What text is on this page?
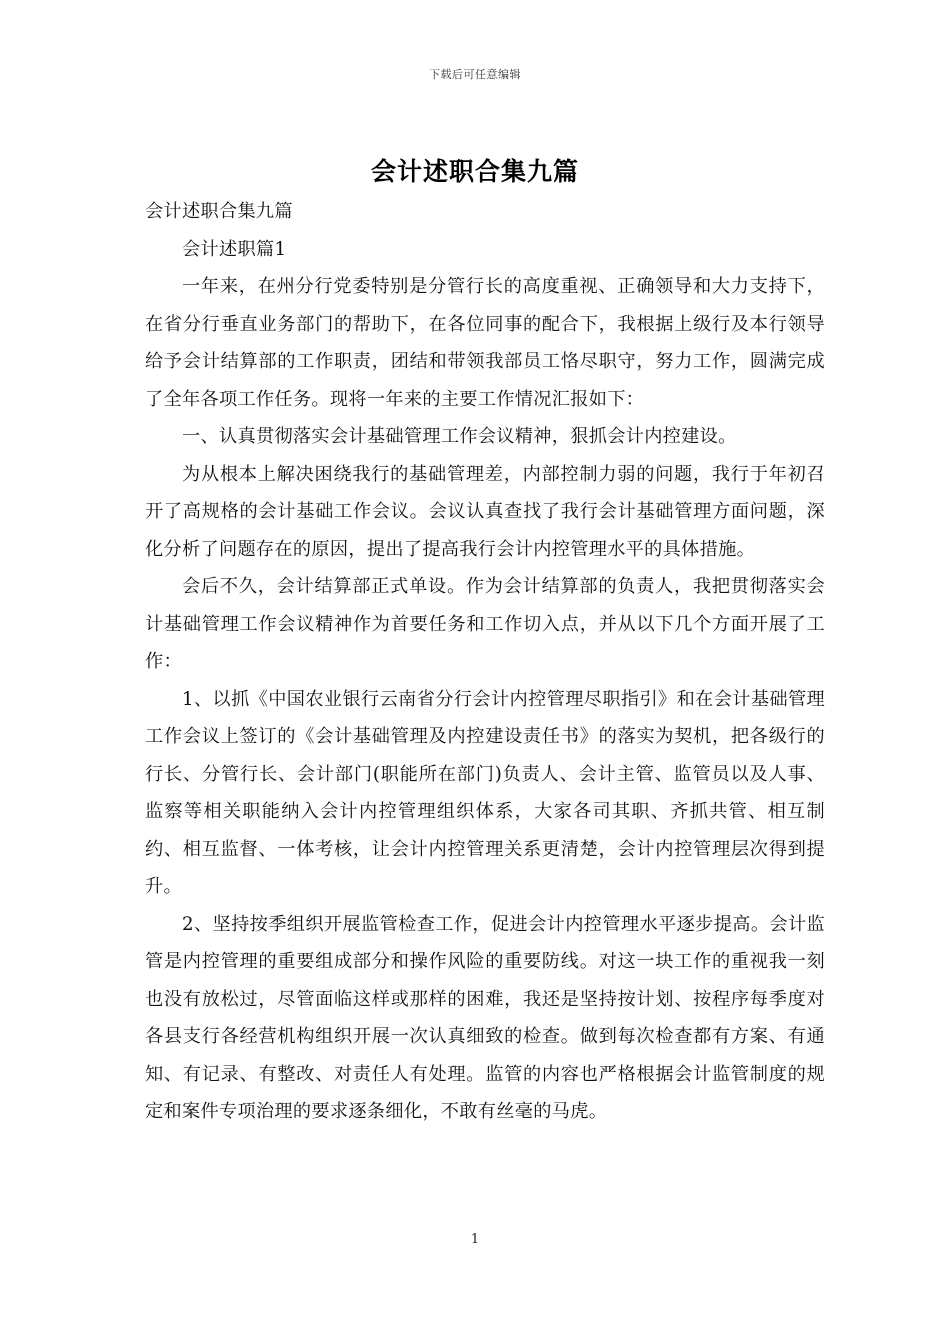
下载后可任意编辑
会计述职合集九篇

会计述职合集九篇

会计述职篇1

一年来，在州分行党委特别是分管行长的高度重视、正确领导和大力支持下，在省分行垂直业务部门的帮助下，在各位同事的配合下，我根据上级行及本行领导给予会计结算部的工作职责，团结和带领我部员工恪尽职守，努力工作，圆满完成了全年各项工作任务。现将一年来的主要工作情况汇报如下：

一、认真贯彻落实会计基础管理工作会议精神，狠抓会计内控建设。

为从根本上解决困绕我行的基础管理差，内部控制力弱的问题，我行于年初召开了高规格的会计基础工作会议。会议认真查找了我行会计基础管理方面问题，深化分析了问题存在的原因，提出了提高我行会计内控管理水平的具体措施。

会后不久，会计结算部正式单设。作为会计结算部的负责人，我把贯彻落实会计基础管理工作会议精神作为首要任务和工作切入点，并从以下几个方面开展了工作：

1、以抓《中国农业银行云南省分行会计内控管理尽职指引》和在会计基础管理工作会议上签订的《会计基础管理及内控建设责任书》的落实为契机，把各级行的行长、分管行长、会计部门(职能所在部门)负责人、会计主管、监管员以及人事、监察等相关职能纳入会计内控管理组织体系，大家各司其职、齐抓共管、相互制约、相互监督、一体考核，让会计内控管理关系更清楚，会计内控管理层次得到提升。

2、坚持按季组织开展监管检查工作，促进会计内控管理水平逐步提高。会计监管是内控管理的重要组成部分和操作风险的重要防线。对这一块工作的重视我一刻也没有放松过，尽管面临这样或那样的困难，我还是坚持按计划、按程序每季度对各县支行各经营机构组织开展一次认真细致的检查。做到每次检查都有方案、有通知、有记录、有整改、对责任人有处理。监管的内容也严格根据会计监管制度的规定和案件专项治理的要求逐条细化，不敢有丝毫的马虎。

1
